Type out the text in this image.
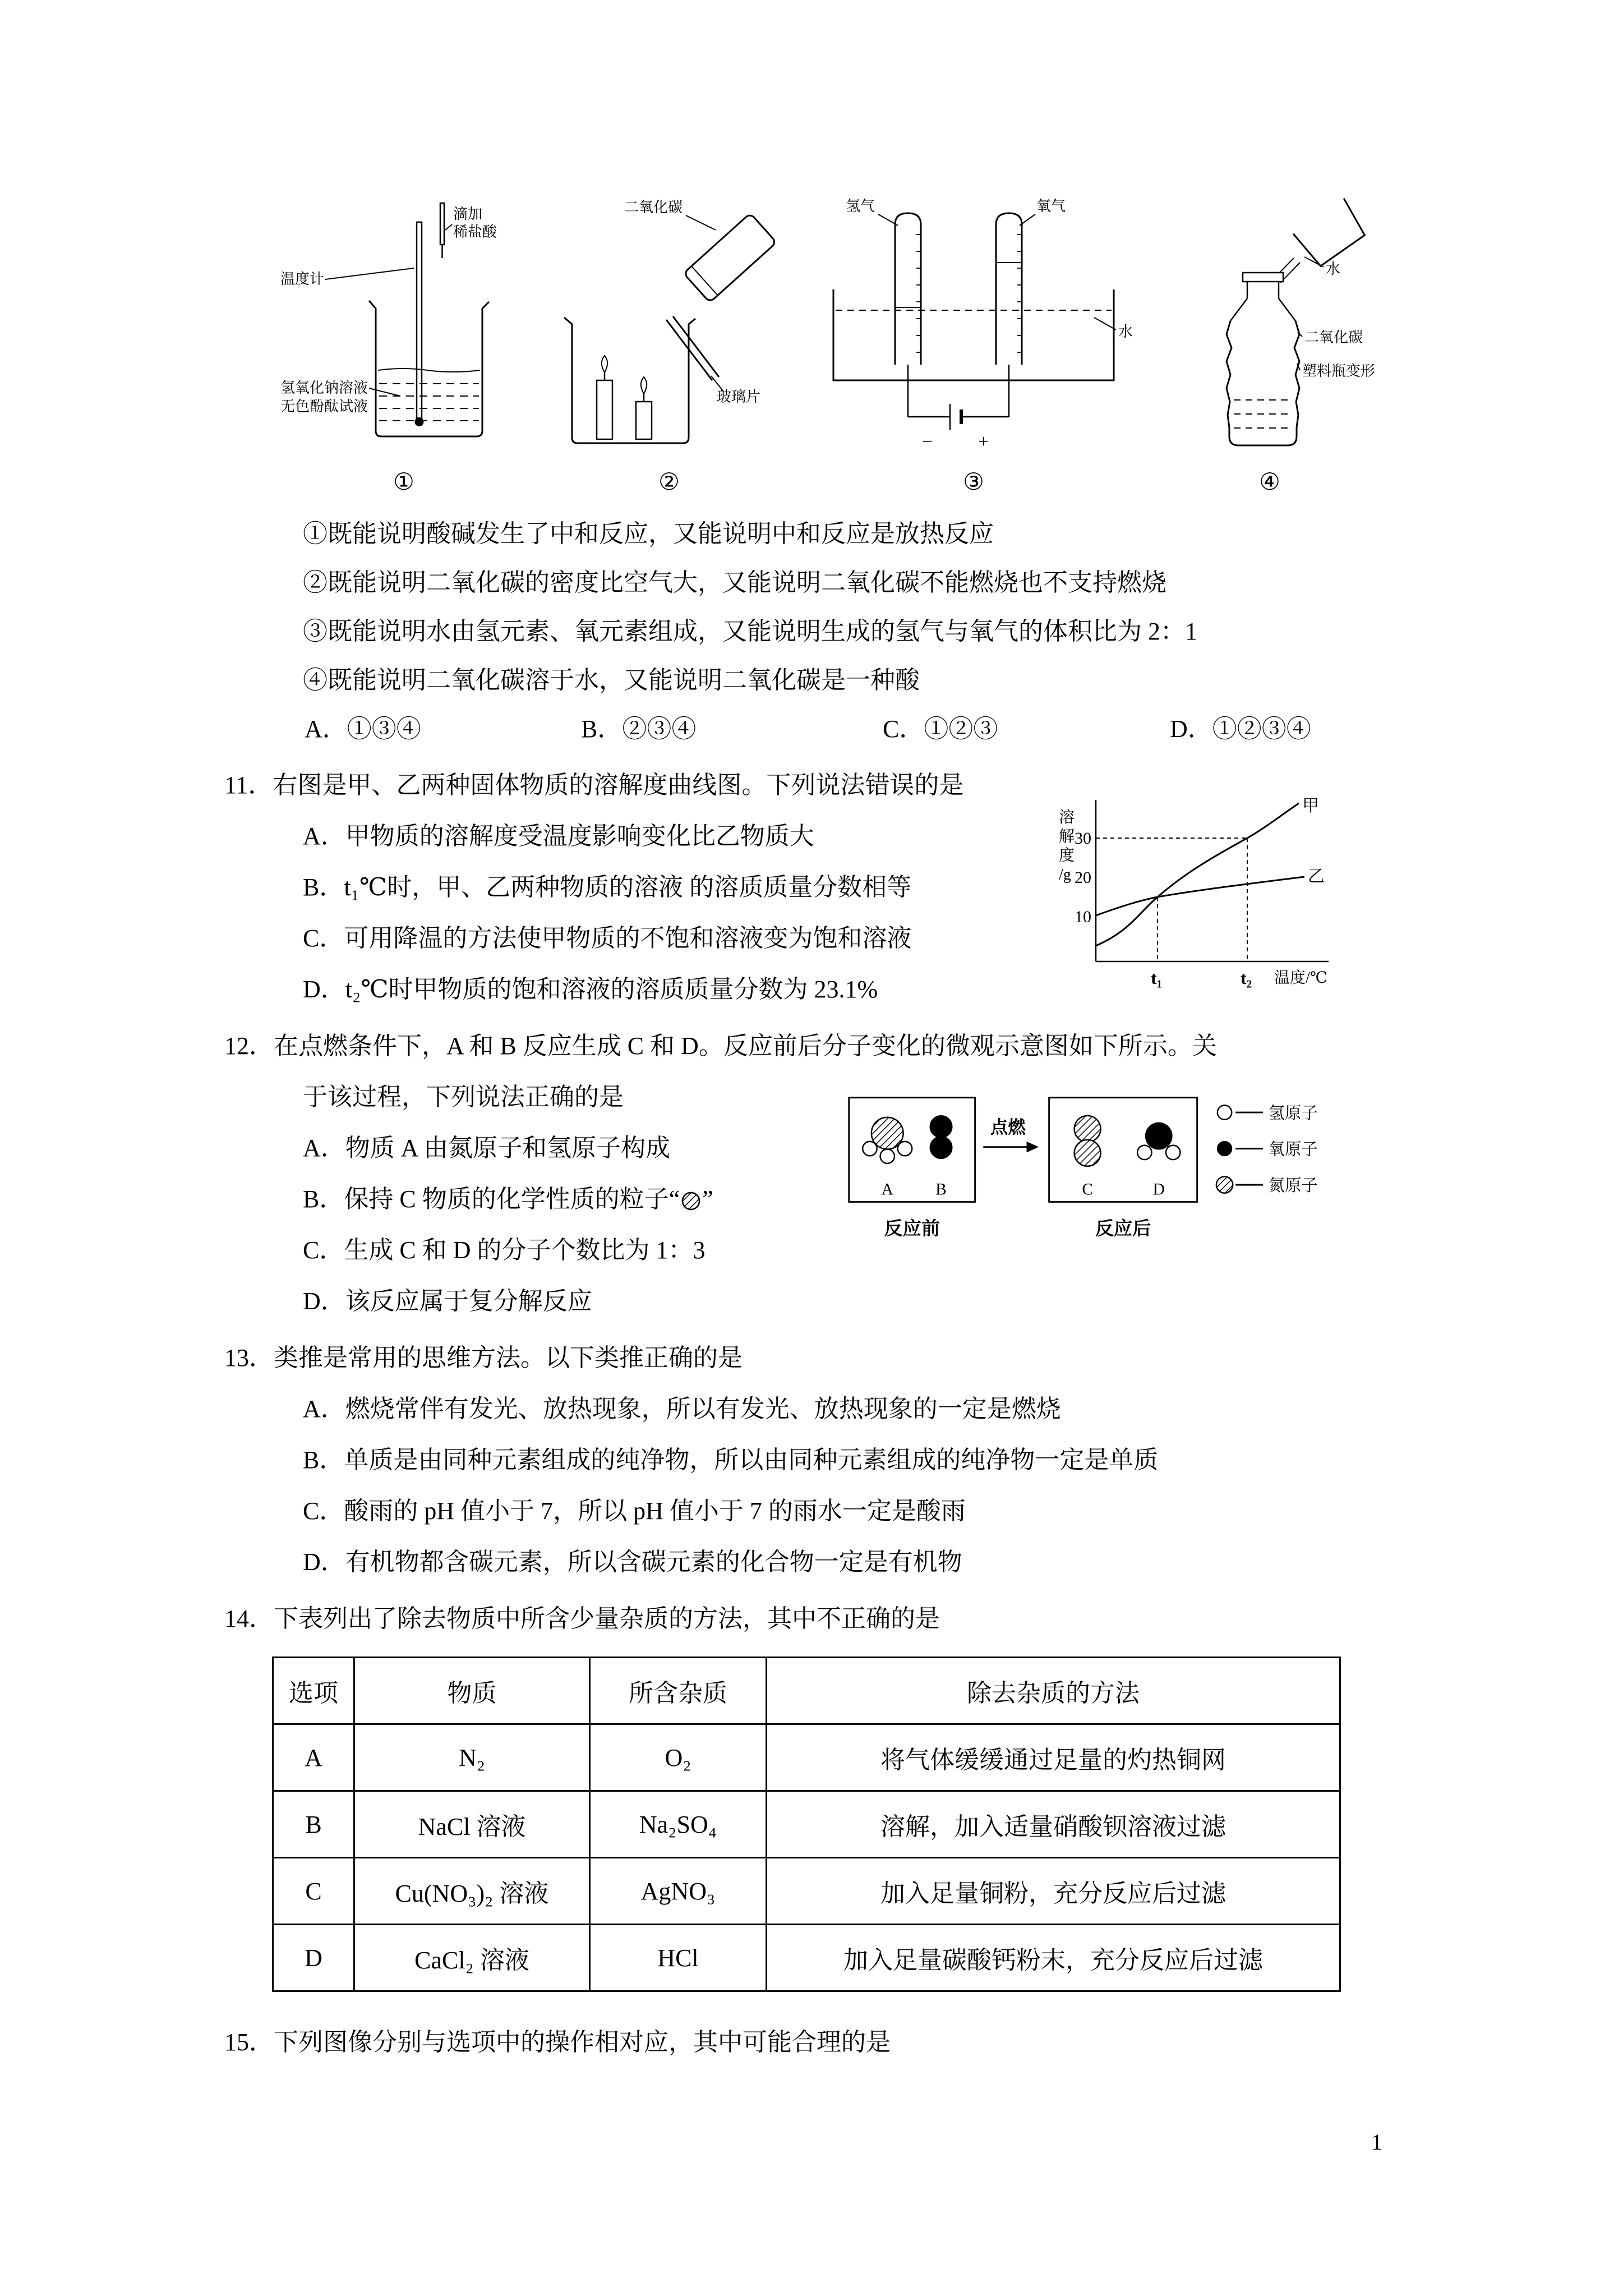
温度计
滴加
稀盐酸
氢氧化钠溶液
无色酚酞试液
①
二氧化碳
玻璃片
②
氢气	氧气
水
− +
③
水
二氧化碳
塑料瓶变形
④
①既能说明酸碱发生了中和反应，又能说明中和反应是放热反应
②既能说明二氧化碳的密度比空气大，又能说明二氧化碳不能燃烧也不支持燃烧
③既能说明水由氢元素、氧元素组成，又能说明生成的氢气与氧气的体积比为 2：1
④既能说明二氧化碳溶于水，又能说明二氧化碳是一种酸
A．①③④	B．②③④	C．①②③	D．①②③④
11．右图是甲、乙两种固体物质的溶解度曲线图。下列说法错误的是
A．甲物质的溶解度受温度影响变化比乙物质大
B．t₁℃时，甲、乙两种物质的溶液 的溶质质量分数相等
C．可用降温的方法使甲物质的不饱和溶液变为饱和溶液
D．t₂℃时甲物质的饱和溶液的溶质质量分数为 23.1%
溶
解
度
/g
30
20
10
甲
乙
t₁	t₂ 温度/℃
12．在点燃条件下，A 和 B 反应生成 C 和 D。反应前后分子变化的微观示意图如下所示。关
于该过程，下列说法正确的是
A．物质 A 由氮原子和氢原子构成
B．保持 C 物质的化学性质的粒子“ ”
C．生成 C 和 D 的分子个数比为 1：3
D．该反应属于复分解反应
A	B
反应前
点燃
C	D
反应后
氢原子
氧原子
氮原子
13．类推是常用的思维方法。以下类推正确的是
A．燃烧常伴有发光、放热现象，所以有发光、放热现象的一定是燃烧
B．单质是由同种元素组成的纯净物，所以由同种元素组成的纯净物一定是单质
C．酸雨的 pH 值小于 7，所以 pH 值小于 7 的雨水一定是酸雨
D．有机物都含碳元素，所以含碳元素的化合物一定是有机物
14．下表列出了除去物质中所含少量杂质的方法，其中不正确的是
选项	物质	所含杂质	除去杂质的方法
A	N₂	O₂	将气体缓缓通过足量的灼热铜网
B	NaCl 溶液	Na₂SO₄	溶解，加入适量硝酸钡溶液过滤
C	Cu(NO₃)₂ 溶液	AgNO₃	加入足量铜粉，充分反应后过滤
D	CaCl₂ 溶液	HCl	加入足量碳酸钙粉末，充分反应后过滤
15．下列图像分别与选项中的操作相对应，其中可能合理的是
1
